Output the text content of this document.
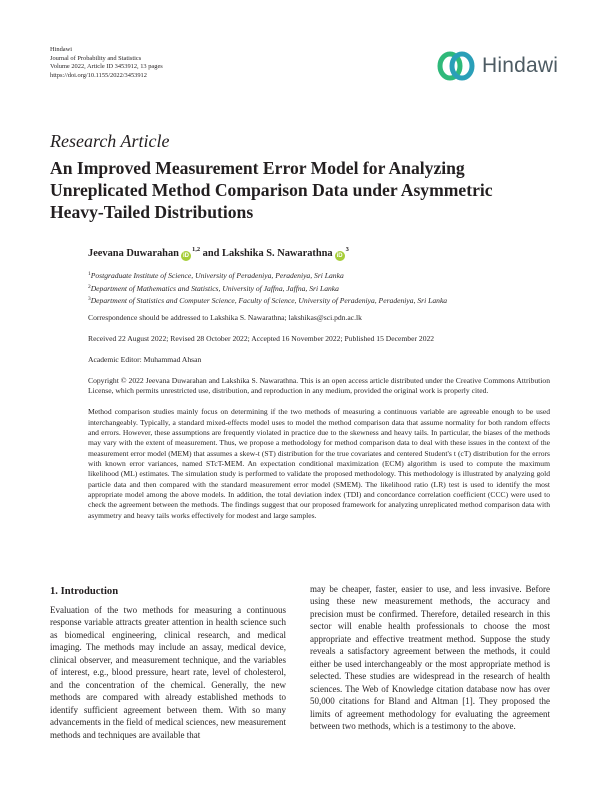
Hindawi
Journal of Probability and Statistics
Volume 2022, Article ID 3453912, 13 pages
https://doi.org/10.1155/2022/3453912	Hindawi
Research Article
An Improved Measurement Error Model for Analyzing Unreplicated Method Comparison Data under Asymmetric Heavy-Tailed Distributions
Jeevana Duwarahan iD$^{1,2}$ and Lakshika S. Nawarathna $iD^3$
$^1$Postgraduate Institute of Science, University of Peradeniya, Peradeniya, Sri Lanka
$^2$Department of Mathematics and Statistics, University of Jaffna, Jaffna, Sri Lanka
$^3$Department of Statistics and Computer Science, Faculty of Science, University of Peradeniya, Peradeniya, Sri Lanka
Correspondence should be addressed to Lakshika S. Nawarathna; lakshikas@sci.pdn.ac.lk
Received 22 August 2022; Revised 28 October 2022; Accepted 16 November 2022; Published 15 December 2022
Academic Editor: Muhammad Ahsan
Copyright © 2022 Jeevana Duwarahan and Lakshika S. Nawarathna. This is an open access article distributed under the Creative Commons Attribution License, which permits unrestricted use, distribution, and reproduction in any medium, provided the original work is properly cited.
Method comparison studies mainly focus on determining if the two methods of measuring a continuous variable are agreeable enough to be used interchangeably. Typically, a standard mixed-effects model uses to model the method comparison data that assume normality for both random effects and errors. However, these assumptions are frequently violated in practice due to the skewness and heavy tails. In particular, the biases of the methods may vary with the extent of measurement. Thus, we propose a methodology for method comparison data to deal with these issues in the context of the measurement error model (MEM) that assumes a skew-t (ST) distribution for the true covariates and centered Student's t (cT) distribution for the errors with known error variances, named STcT-MEM. An expectation conditional maximization (ECM) algorithm is used to compute the maximum likelihood (ML) estimates. The simulation study is performed to validate the proposed methodology. This methodology is illustrated by analyzing gold particle data and then compared with the standard measurement error model (SMEM). The likelihood ratio (LR) test is used to identify the most appropriate model among the above models. In addition, the total deviation index (TDI) and concordance correlation coefficient (CCC) were used to check the agreement between the methods. The findings suggest that our proposed framework for analyzing unreplicated method comparison data with asymmetry and heavy tails works effectively for modest and large samples.
1. Introduction
Evaluation of the two methods for measuring a continuous response variable attracts greater attention in health science such as biomedical engineering, clinical research, and medical imaging. The methods may include an assay, medical device, clinical observer, and measurement technique, and the variables of interest, e.g., blood pressure, heart rate, level of cholesterol, and the concentration of the chemical. Generally, the new methods are compared with already established methods to identify sufficient agreement between them. With so many advancements in the field of medical sciences, new measurement methods and techniques are available that
may be cheaper, faster, easier to use, and less invasive. Before using these new measurement methods, the accuracy and precision must be confirmed. Therefore, detailed research in this sector will enable health professionals to choose the most appropriate and effective treatment method. Suppose the study reveals a satisfactory agreement between the methods, it could either be used interchangeably or the most appropriate method is selected. These studies are widespread in the research of health sciences. The Web of Knowledge citation database now has over 50,000 citations for Bland and Altman [1]. They proposed the limits of agreement methodology for evaluating the agreement between two methods, which is a testimony to the above.
